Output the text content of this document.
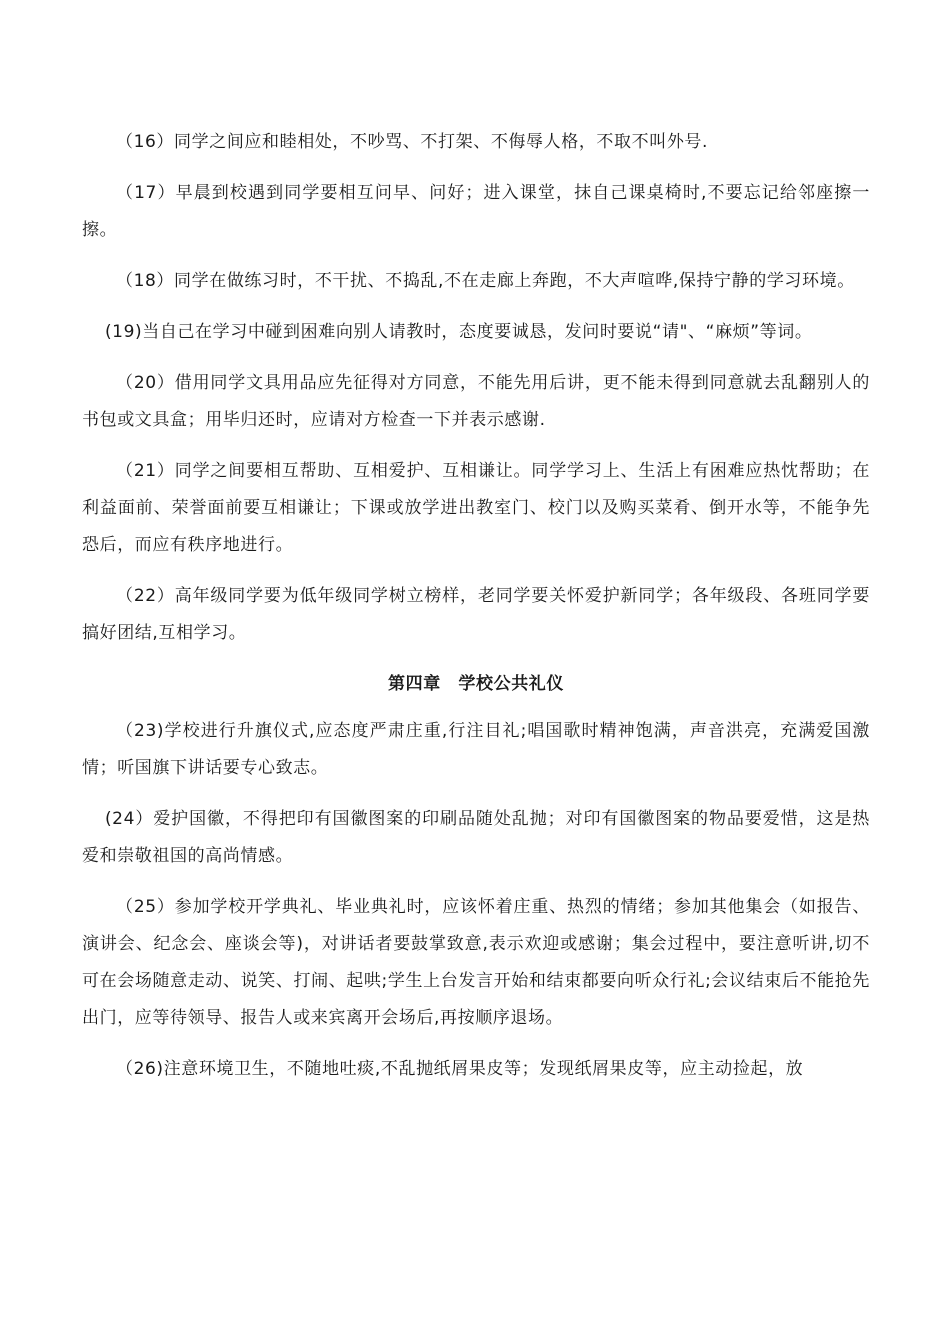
（16）同学之间应和睦相处，不吵骂、不打架、不侮辱人格，不取不叫外号.

（17）早晨到校遇到同学要相互问早、问好；进入课堂，抹自己课桌椅时,不要忘记给邻座擦一擦。

（18）同学在做练习时，不干扰、不捣乱,不在走廊上奔跑，不大声喧哗,保持宁静的学习环境。

(19)当自己在学习中碰到困难向别人请教时，态度要诚恳，发问时要说“请"、“麻烦”等词。

（20）借用同学文具用品应先征得对方同意，不能先用后讲，更不能未得到同意就去乱翻别人的书包或文具盒；用毕归还时，应请对方检查一下并表示感谢.

（21）同学之间要相互帮助、互相爱护、互相谦让。同学学习上、生活上有困难应热忱帮助；在利益面前、荣誉面前要互相谦让；下课或放学进出教室门、校门以及购买菜肴、倒开水等，不能争先恐后，而应有秩序地进行。

（22）高年级同学要为低年级同学树立榜样，老同学要关怀爱护新同学；各年级段、各班同学要搞好团结,互相学习。

第四章　学校公共礼仪

（23)学校进行升旗仪式,应态度严肃庄重,行注目礼;唱国歌时精神饱满，声音洪亮，充满爱国激情；听国旗下讲话要专心致志。

(24）爱护国徽，不得把印有国徽图案的印刷品随处乱抛；对印有国徽图案的物品要爱惜，这是热爱和崇敬祖国的高尚情感。

（25）参加学校开学典礼、毕业典礼时，应该怀着庄重、热烈的情绪；参加其他集会（如报告、演讲会、纪念会、座谈会等)，对讲话者要鼓掌致意,表示欢迎或感谢；集会过程中，要注意听讲,切不可在会场随意走动、说笑、打闹、起哄;学生上台发言开始和结束都要向听众行礼;会议结束后不能抢先出门，应等待领导、报告人或来宾离开会场后,再按顺序退场。

（26)注意环境卫生，不随地吐痰,不乱抛纸屑果皮等；发现纸屑果皮等，应主动捡起，放
